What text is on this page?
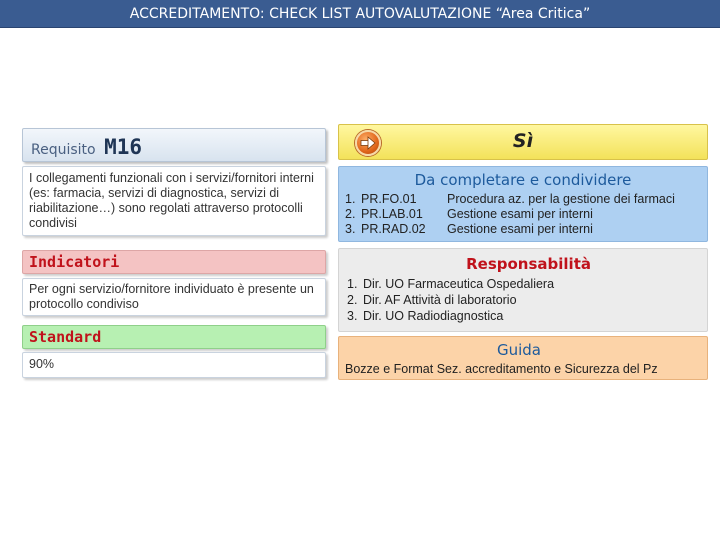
ACCREDITAMENTO: CHECK LIST AUTOVALUTAZIONE “Area Critica”
Requisito M16
I collegamenti funzionali con i servizi/fornitori interni (es: farmacia, servizi di diagnostica, servizi di riabilitazione…) sono regolati attraverso protocolli condivisi
Indicatori
Per ogni servizio/fornitore individuato è presente un protocollo condiviso
Standard
90%
Sì
Da completare e condividere
1. PR.FO.01 Procedura az. per la gestione dei farmaci
2. PR.LAB.01 Gestione esami per interni
3. PR.RAD.02 Gestione esami per interni
Responsabilità
1. Dir. UO Farmaceutica Ospedaliera
2. Dir. AF Attività di laboratorio
3. Dir. UO Radiodiagnostica
Guida
Bozze e Format Sez. accreditamento e Sicurezza del Pz
